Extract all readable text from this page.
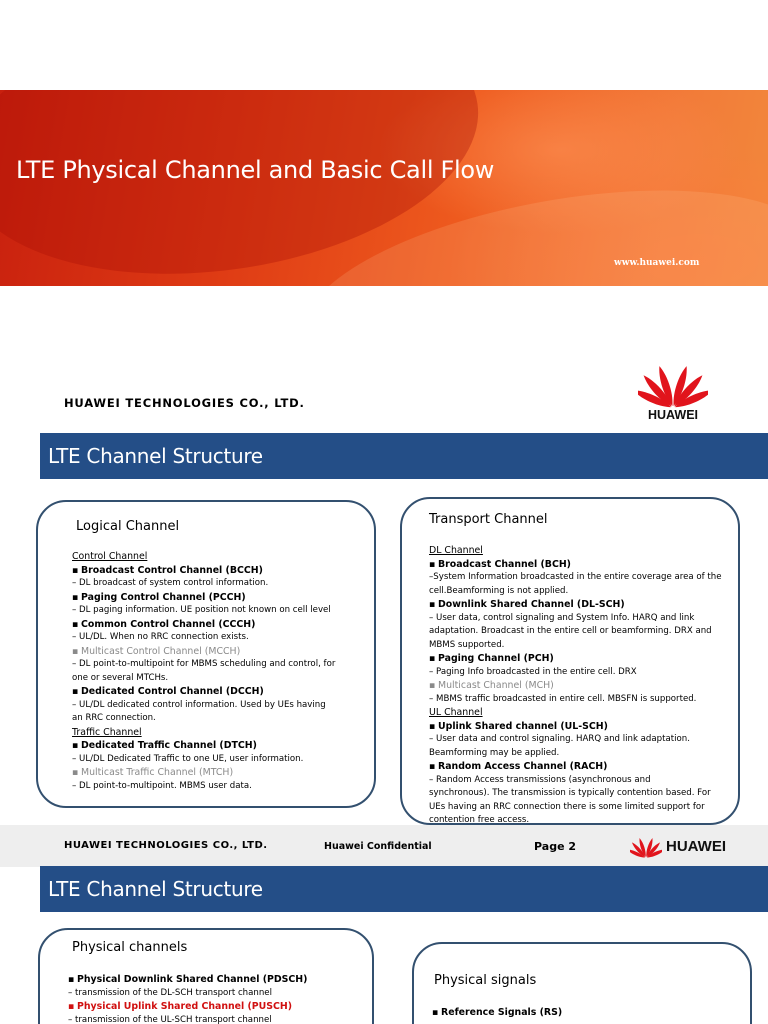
LTE Physical Channel and Basic Call Flow
www.huawei.com
HUAWEI TECHNOLOGIES CO., LTD.
HUAWEI
LTE Channel Structure
Logical Channel
Control Channel
▪ Broadcast Control Channel (BCCH)
– DL broadcast of system control information.
▪ Paging Control Channel (PCCH)
– DL paging information. UE position not known on cell level
▪ Common Control Channel (CCCH)
– UL/DL. When no RRC connection exists.
▪ Multicast Control Channel (MCCH)
– DL point-to-multipoint for MBMS scheduling and control, for
one or several MTCHs.
▪ Dedicated Control Channel (DCCH)
– UL/DL dedicated control information. Used by UEs having
an RRC connection.
Traffic Channel
▪ Dedicated Traffic Channel (DTCH)
– UL/DL Dedicated Traffic to one UE, user information.
▪ Multicast Traffic Channel (MTCH)
– DL point-to-multipoint. MBMS user data.
Transport Channel
DL Channel
▪ Broadcast Channel (BCH)
–System Information broadcasted in the entire coverage area of the
cell.Beamforming is not applied.
▪ Downlink Shared Channel (DL-SCH)
– User data, control signaling and System Info. HARQ and link
adaptation. Broadcast in the entire cell or beamforming. DRX and
MBMS supported.
▪ Paging Channel (PCH)
– Paging Info broadcasted in the entire cell. DRX
▪ Multicast Channel (MCH)
– MBMS traffic broadcasted in entire cell. MBSFN is supported.
UL Channel
▪ Uplink Shared channel (UL-SCH)
– User data and control signaling. HARQ and link adaptation.
Beamforming may be applied.
▪ Random Access Channel (RACH)
– Random Access transmissions (asynchronous and
synchronous). The transmission is typically contention based. For
UEs having an RRC connection there is some limited support for
contention free access.
HUAWEI TECHNOLOGIES CO., LTD.	Huawei Confidential	Page 2	HUAWEI
LTE Channel Structure
Physical channels
▪ Physical Downlink Shared Channel (PDSCH)
– transmission of the DL-SCH transport channel
▪ Physical Uplink Shared Channel (PUSCH)
– transmission of the UL-SCH transport channel
Physical signals
▪ Reference Signals (RS)
